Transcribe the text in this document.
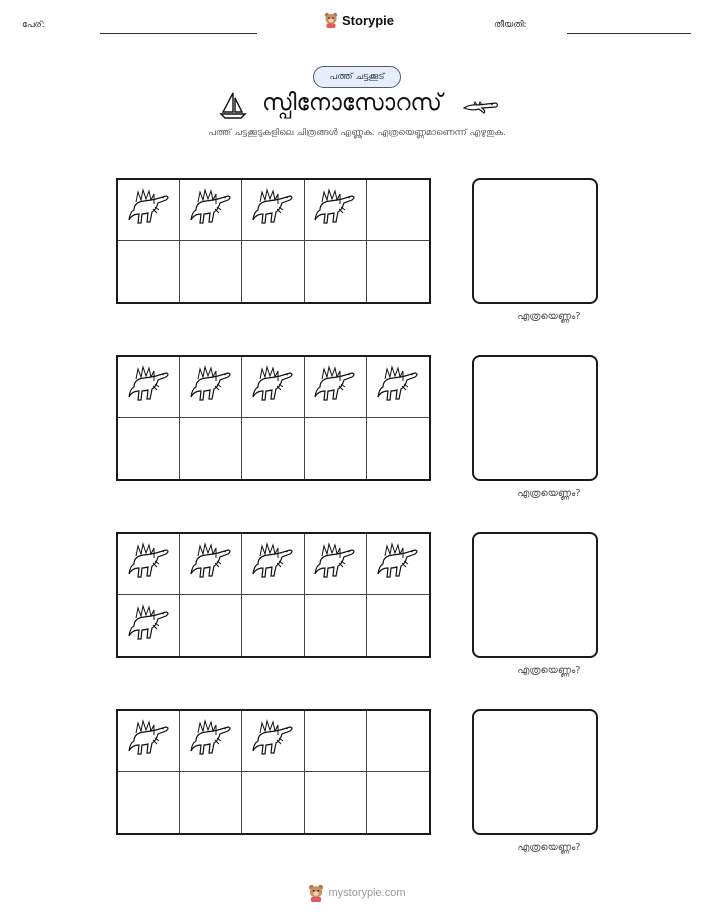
പേര്:	Storypie	തീയതി:
പത്ത് ചട്ടക്കൂട്
സ്പിനോസോറസ്
പത്ത് ചട്ടക്കൂടുകളിലെ ചിത്രങ്ങൾ എണ്ണുക. എത്രയെണ്ണമാണെന്ന് എഴുതുക.
എത്രയെണ്ണം?
എത്രയെണ്ണം?
എത്രയെണ്ണം?
എത്രയെണ്ണം?
mystorypie.com
